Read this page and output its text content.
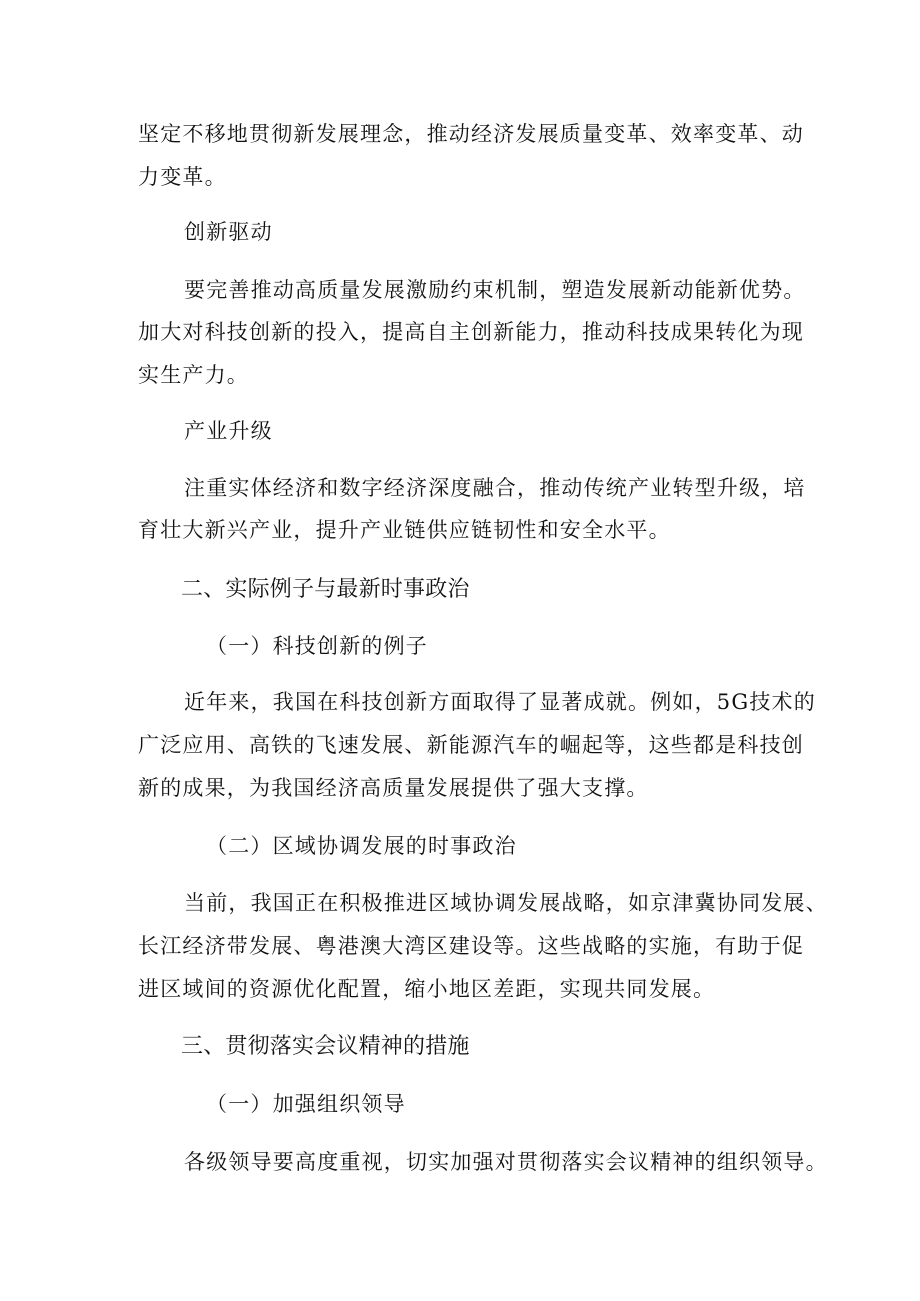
坚定不移地贯彻新发展理念，推动经济发展质量变革、效率变革、动
力变革。
创新驱动
要完善推动高质量发展激励约束机制，塑造发展新动能新优势。
加大对科技创新的投入，提高自主创新能力，推动科技成果转化为现
实生产力。
产业升级
注重实体经济和数字经济深度融合，推动传统产业转型升级，培
育壮大新兴产业，提升产业链供应链韧性和安全水平。
二、实际例子与最新时事政治
（一）科技创新的例子
近年来，我国在科技创新方面取得了显著成就。例如，5G技术的
广泛应用、高铁的飞速发展、新能源汽车的崛起等，这些都是科技创
新的成果，为我国经济高质量发展提供了强大支撑。
（二）区域协调发展的时事政治
当前，我国正在积极推进区域协调发展战略，如京津冀协同发展、
长江经济带发展、粤港澳大湾区建设等。这些战略的实施，有助于促
进区域间的资源优化配置，缩小地区差距，实现共同发展。
三、贯彻落实会议精神的措施
（一）加强组织领导
各级领导要高度重视，切实加强对贯彻落实会议精神的组织领导。
